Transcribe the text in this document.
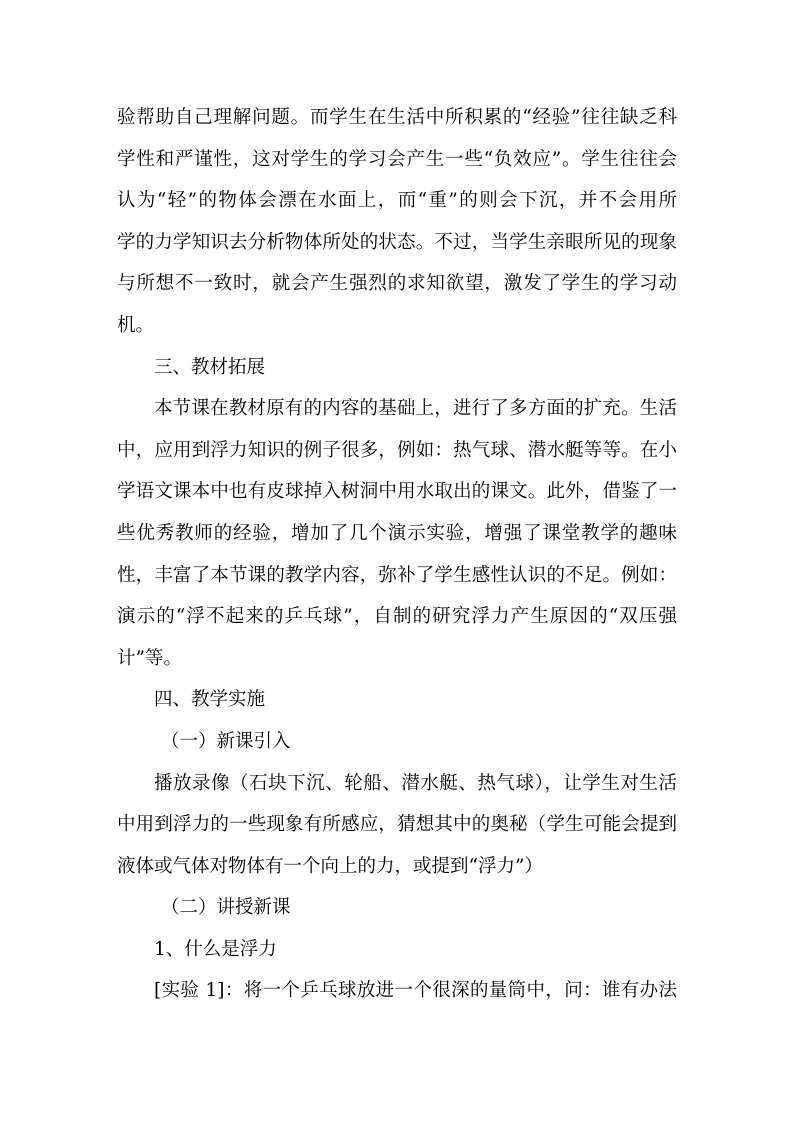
验帮助自己理解问题。而学生在生活中所积累的“经验”往往缺乏科
学性和严谨性，这对学生的学习会产生一些“负效应”。学生往往会
认为“轻”的物体会漂在水面上，而“重”的则会下沉，并不会用所
学的力学知识去分析物体所处的状态。不过，当学生亲眼所见的现象
与所想不一致时，就会产生强烈的求知欲望，激发了学生的学习动
机。
三、教材拓展
本节课在教材原有的内容的基础上，进行了多方面的扩充。生活
中，应用到浮力知识的例子很多，例如：热气球、潜水艇等等。在小
学语文课本中也有皮球掉入树洞中用水取出的课文。此外，借鉴了一
些优秀教师的经验，增加了几个演示实验，增强了课堂教学的趣味
性，丰富了本节课的教学内容，弥补了学生感性认识的不足。例如：
演示的“浮不起来的乒乓球”，自制的研究浮力产生原因的“双压强
计”等。
四、教学实施
（一）新课引入
播放录像（石块下沉、轮船、潜水艇、热气球），让学生对生活
中用到浮力的一些现象有所感应，猜想其中的奥秘（学生可能会提到
液体或气体对物体有一个向上的力，或提到“浮力”）
（二）讲授新课
1、什么是浮力
[实验 1]：将一个乒乓球放进一个很深的量筒中，问：谁有办法
